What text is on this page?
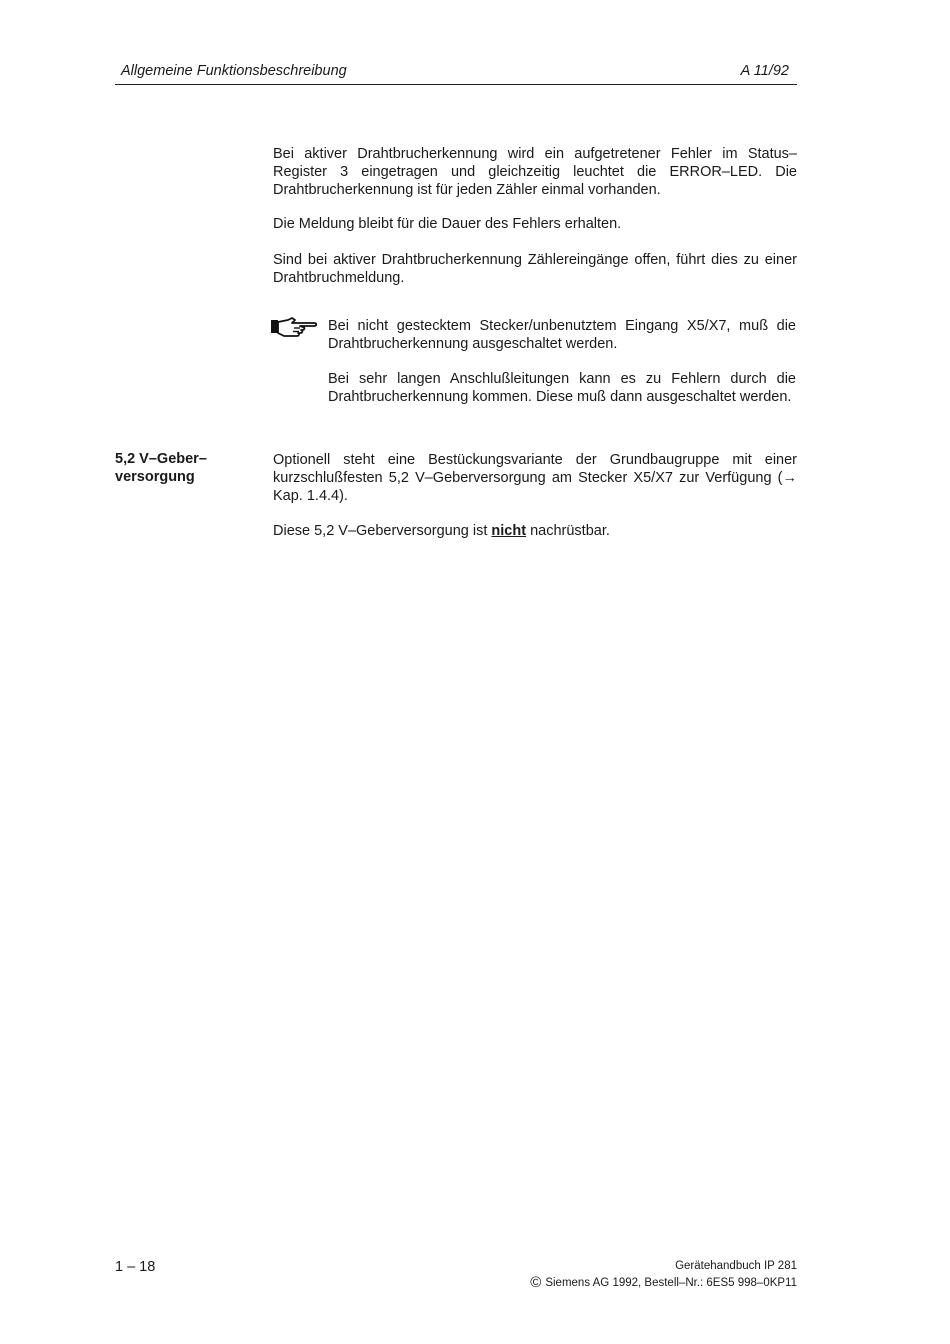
Allgemeine Funktionsbeschreibung	A 11/92

Bei aktiver Drahtbrucherkennung wird ein aufgetretener Fehler im Status–Register 3 eingetragen und gleichzeitig leuchtet die ERROR–LED. Die Drahtbrucherkennung ist für jeden Zähler einmal vorhanden.

Die Meldung bleibt für die Dauer des Fehlers erhalten.

Sind bei aktiver Drahtbrucherkennung Zählereingänge offen, führt dies zu einer Drahtbruchmeldung.

Bei nicht gestecktem Stecker/unbenutztem Eingang X5/X7, muß die Drahtbrucherkennung ausgeschaltet werden.

Bei sehr langen Anschlußleitungen kann es zu Fehlern durch die Drahtbrucherkennung kommen. Diese muß dann ausgeschaltet werden.

5,2 V–Geber–
versorgung

Optionell steht eine Bestückungsvariante der Grundbaugruppe mit einer kurzschlußfesten 5,2 V–Geberversorgung am Stecker X5/X7 zur Verfügung (→ Kap. 1.4.4).

Diese 5,2 V–Geberversorgung ist nicht nachrüstbar.

1 – 18	Gerätehandbuch IP 281
© Siemens AG 1992, Bestell–Nr.: 6ES5 998–0KP11
